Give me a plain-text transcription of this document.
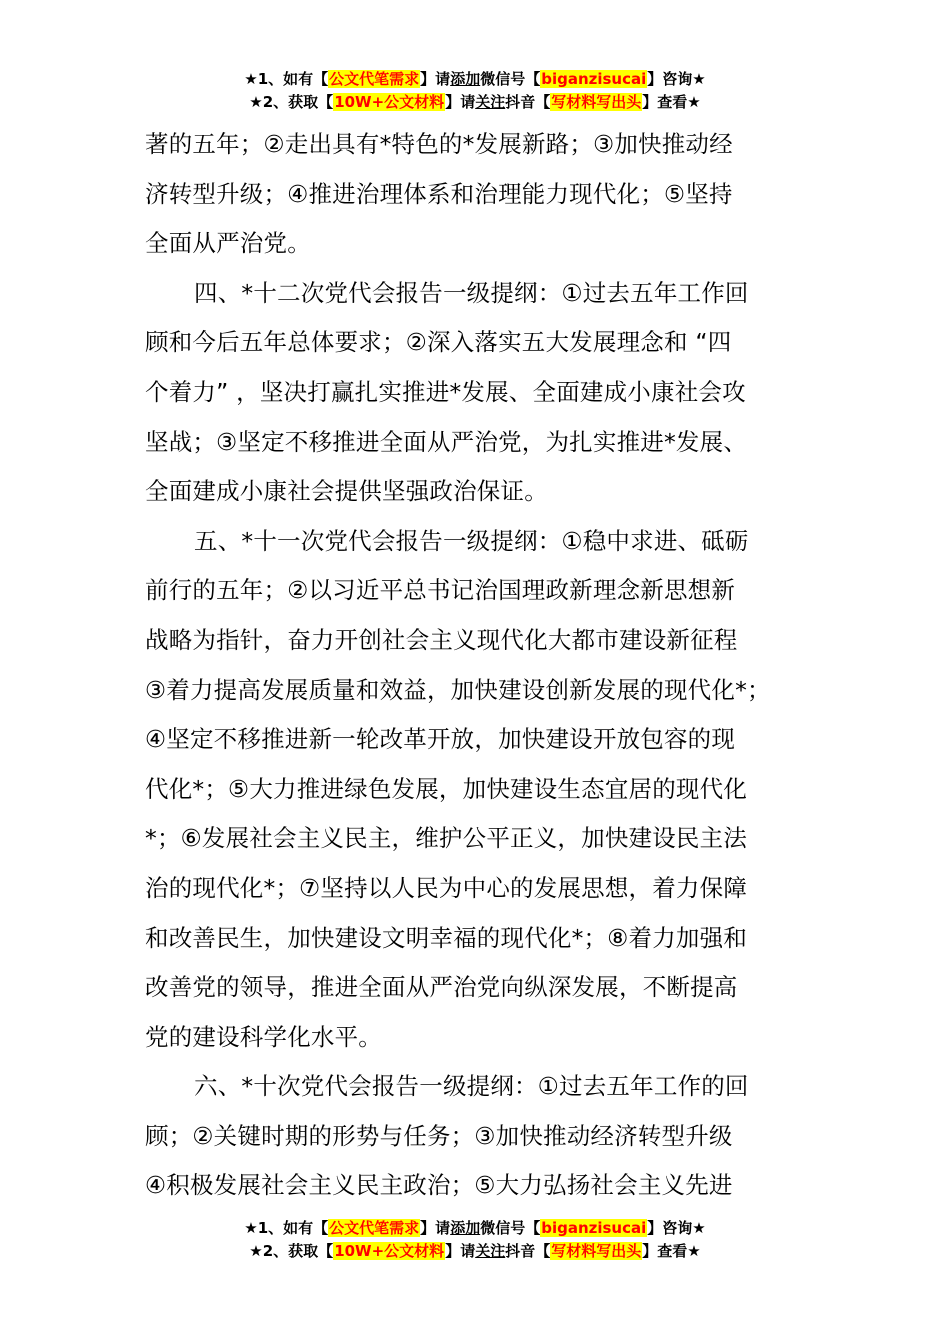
★1、如有【公文代笔需求】请添加微信号【biganzisucai】咨询★
★2、获取【10W+公文材料】请关注抖音【写材料写出头】查看★
著的五年；②走出具有*特色的*发展新路；③加快推动经
济转型升级；④推进治理体系和治理能力现代化；⑤坚持
全面从严治党。
四、*十二次党代会报告一级提纲：①过去五年工作回
顾和今后五年总体要求；②深入落实五大发展理念和 “四
个着力” ，坚决打赢扎实推进*发展、全面建成小康社会攻
坚战；③坚定不移推进全面从严治党，为扎实推进*发展、
全面建成小康社会提供坚强政治保证。
五、*十一次党代会报告一级提纲：①稳中求进、砥砺
前行的五年；②以习近平总书记治国理政新理念新思想新
战略为指针，奋力开创社会主义现代化大都市建设新征程
③着力提高发展质量和效益，加快建设创新发展的现代化*；
④坚定不移推进新一轮改革开放，加快建设开放包容的现
代化*；⑤大力推进绿色发展，加快建设生态宜居的现代化
*；⑥发展社会主义民主，维护公平正义，加快建设民主法
治的现代化*；⑦坚持以人民为中心的发展思想，着力保障
和改善民生，加快建设文明幸福的现代化*；⑧着力加强和
改善党的领导，推进全面从严治党向纵深发展，不断提高
党的建设科学化水平。
六、*十次党代会报告一级提纲：①过去五年工作的回
顾；②关键时期的形势与任务；③加快推动经济转型升级
④积极发展社会主义民主政治；⑤大力弘扬社会主义先进
★1、如有【公文代笔需求】请添加微信号【biganzisucai】咨询★
★2、获取【10W+公文材料】请关注抖音【写材料写出头】查看★
